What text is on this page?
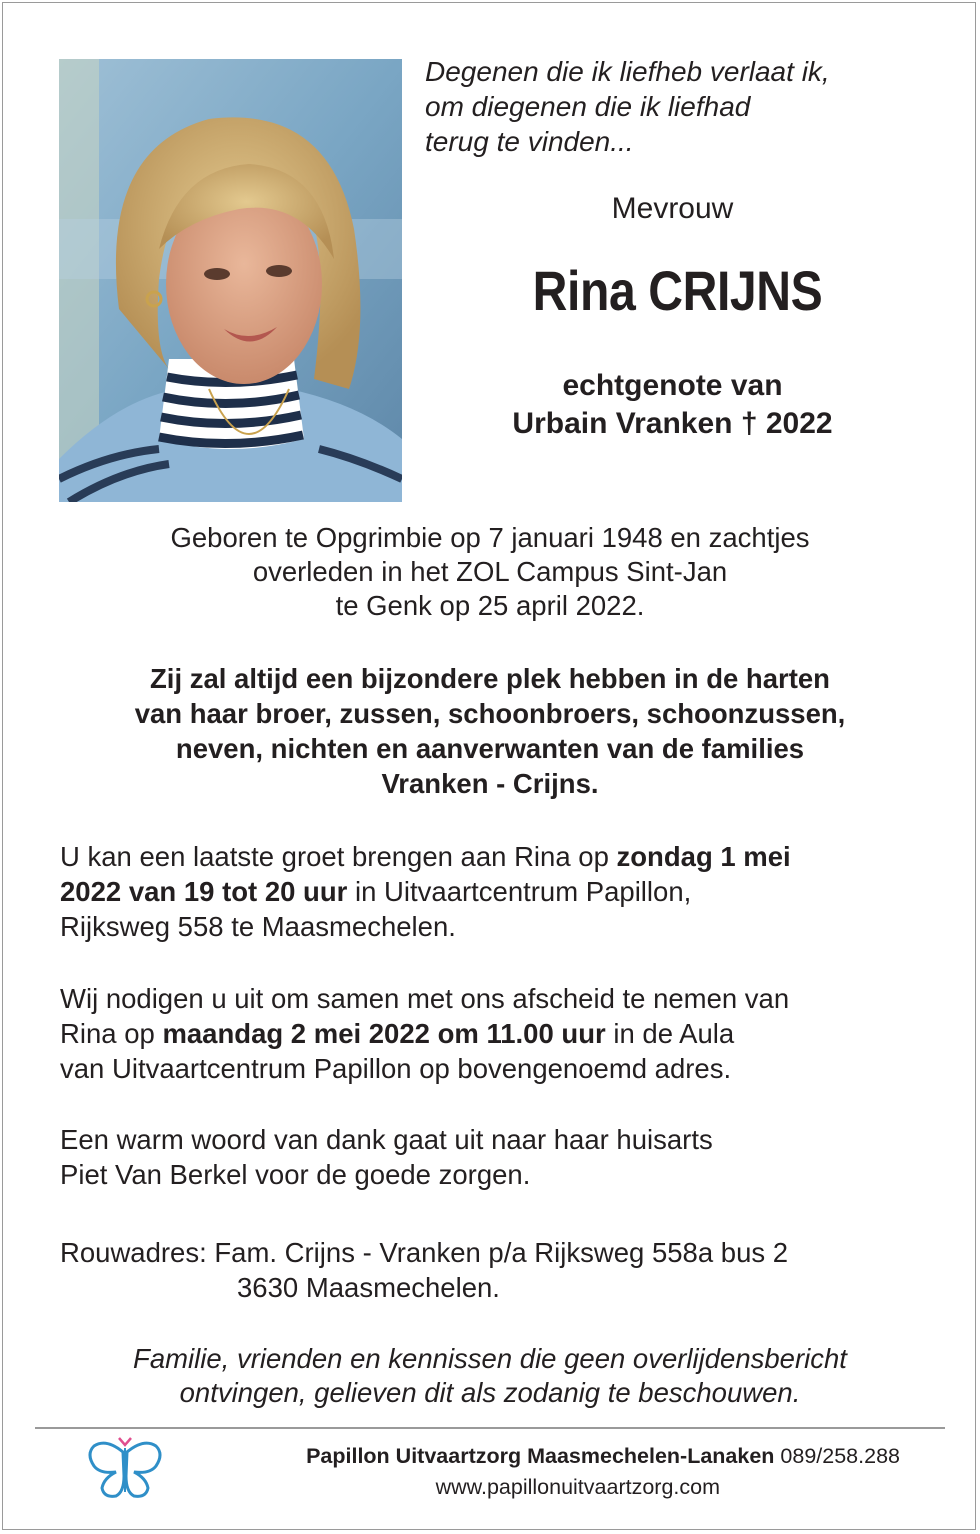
Degenen die ik liefheb verlaat ik,
om diegenen die ik liefhad
terug te vinden...

Mevrouw
Rina CRIJNS
echtgenote van
Urbain Vranken † 2022

Geboren te Opgrimbie op 7 januari 1948 en zachtjes
overleden in het ZOL Campus Sint-Jan
te Genk op 25 april 2022.

Zij zal altijd een bijzondere plek hebben in de harten
van haar broer, zussen, schoonbroers, schoonzussen,
neven, nichten en aanverwanten van de families
Vranken - Crijns.

U kan een laatste groet brengen aan Rina op zondag 1 mei
2022 van 19 tot 20 uur in Uitvaartcentrum Papillon,
Rijksweg 558 te Maasmechelen.

Wij nodigen u uit om samen met ons afscheid te nemen van
Rina op maandag 2 mei 2022 om 11.00 uur in de Aula
van Uitvaartcentrum Papillon op bovengenoemd adres.

Een warm woord van dank gaat uit naar haar huisarts
Piet Van Berkel voor de goede zorgen.

Rouwadres: Fam. Crijns - Vranken p/a Rijksweg 558a bus 2
3630 Maasmechelen.

Familie, vrienden en kennissen die geen overlijdensbericht
ontvingen, gelieven dit als zodanig te beschouwen.

Papillon Uitvaartzorg Maasmechelen-Lanaken 089/258.288

www.papillonuitvaartzorg.com
